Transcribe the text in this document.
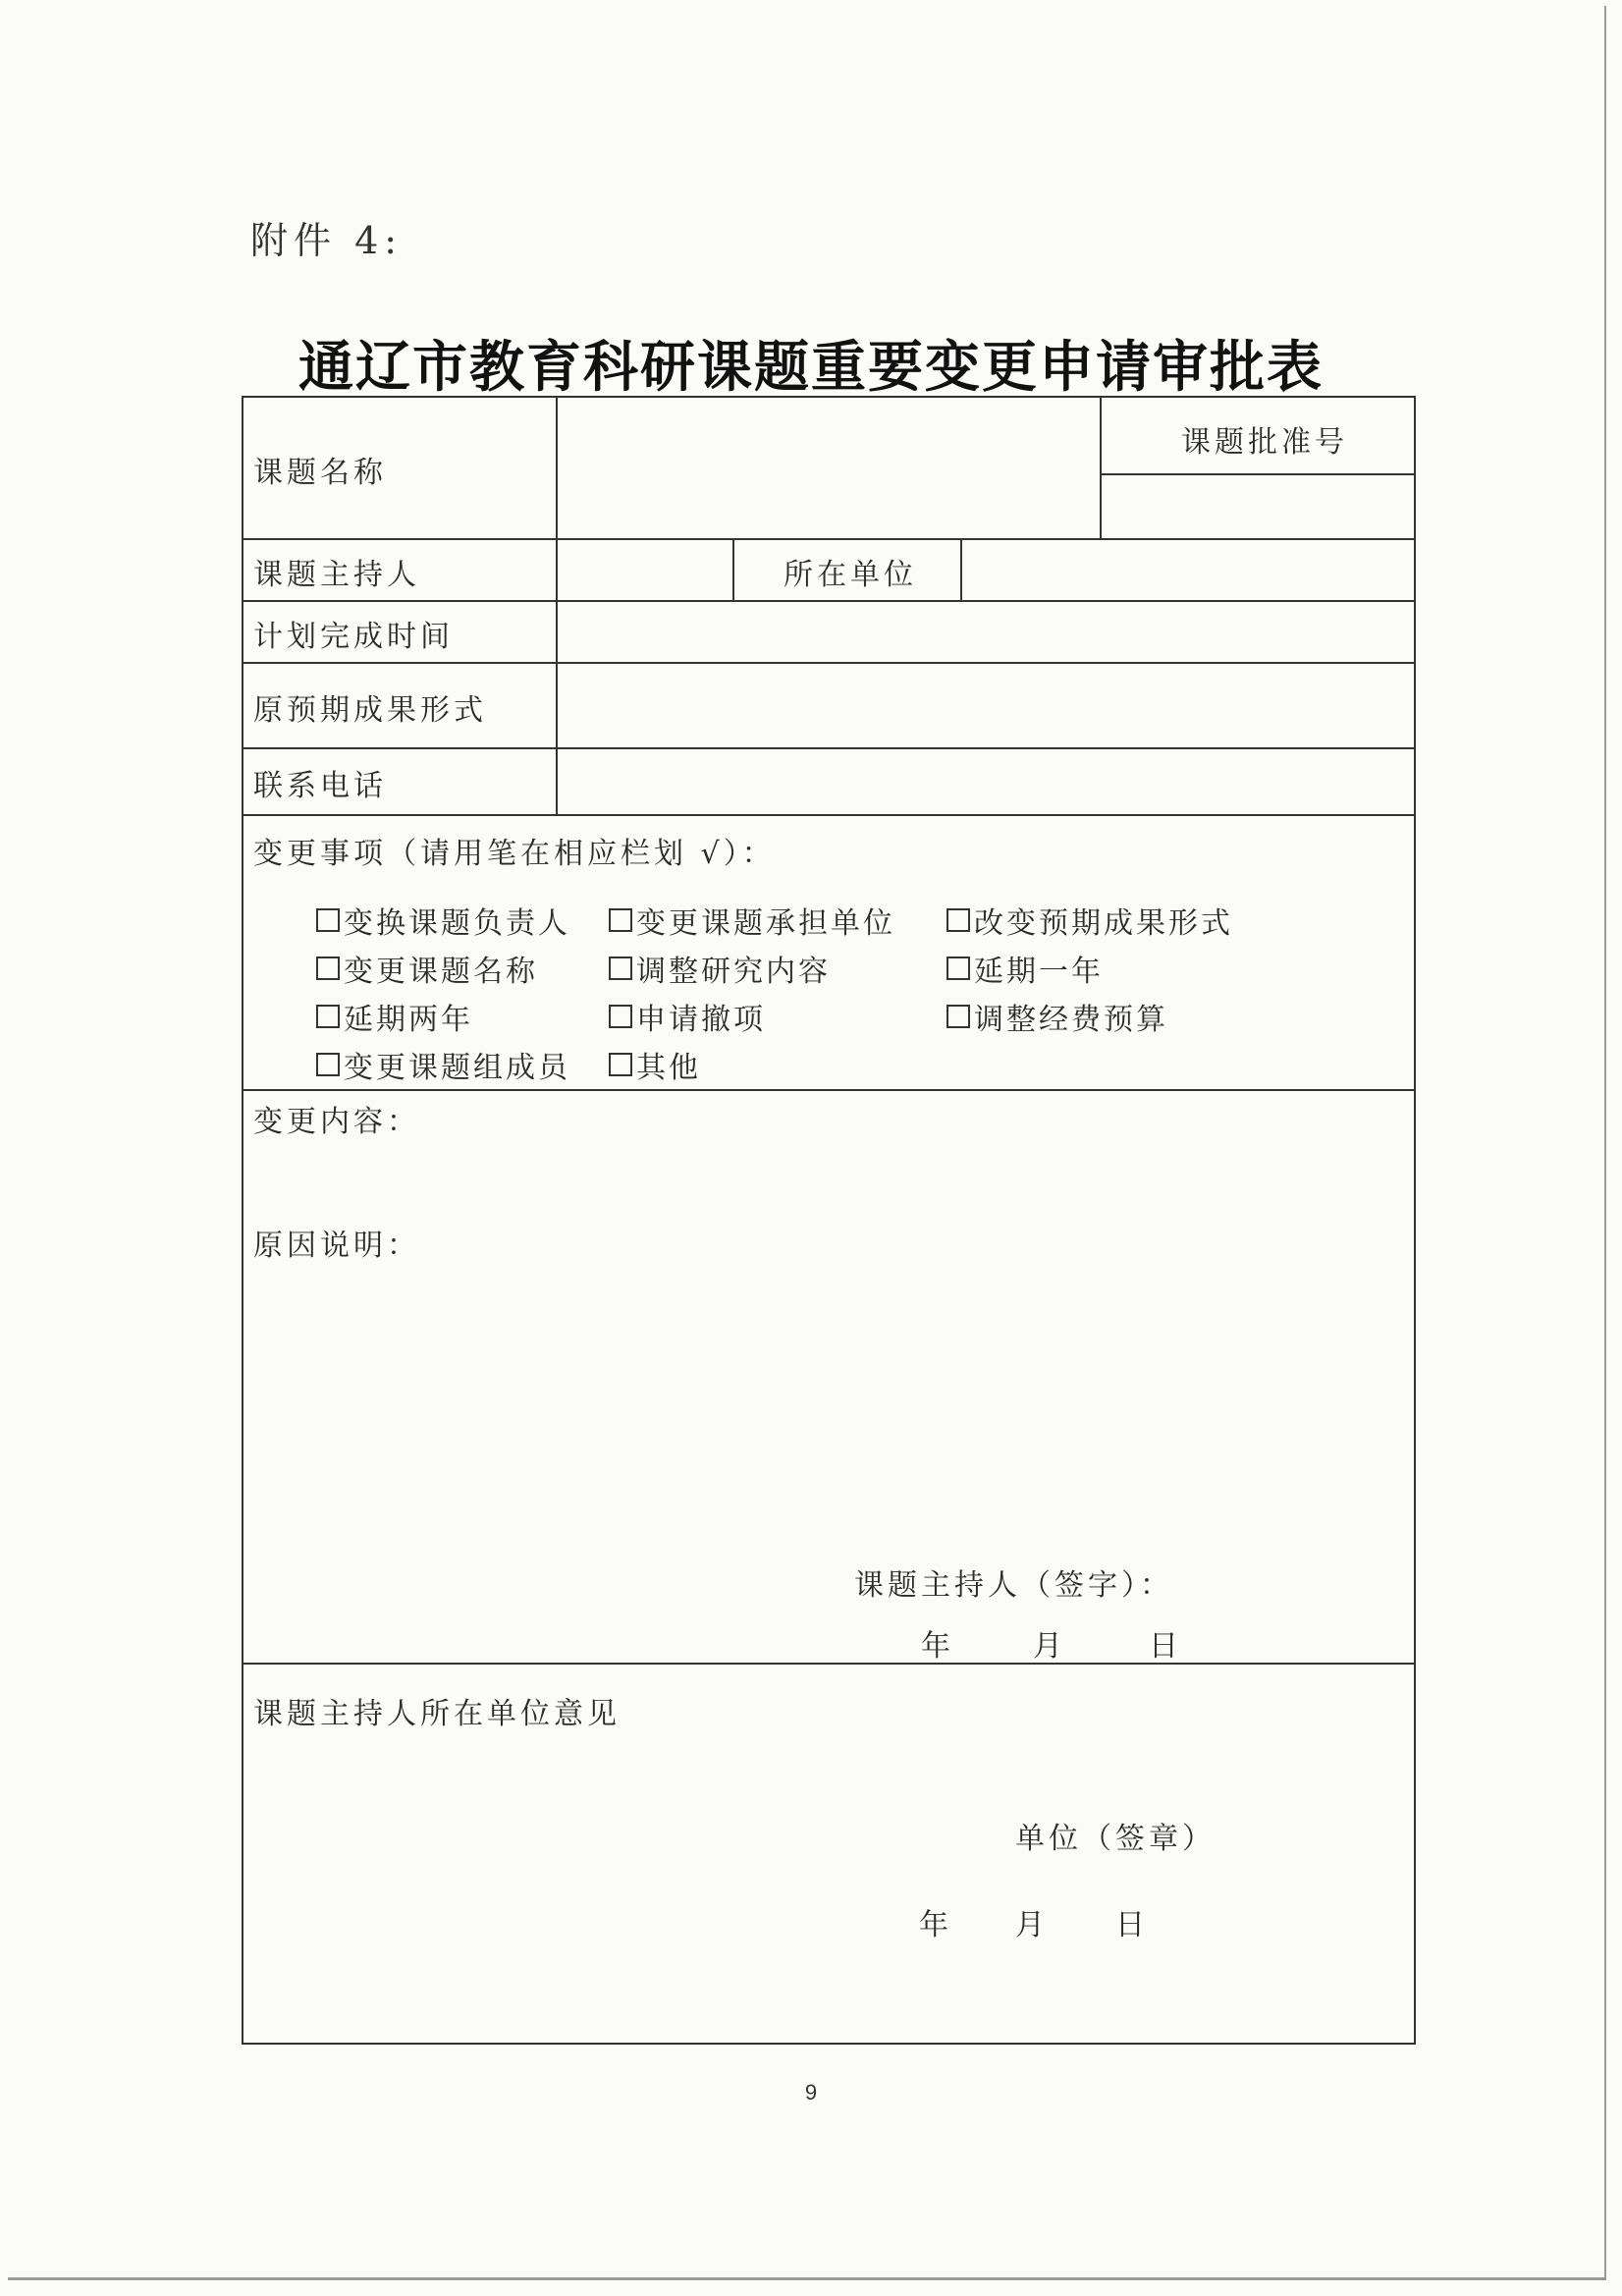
附件 4:
通辽市教育科研课题重要变更申请审批表
课题名称
课题批准号
课题主持人	所在单位
计划完成时间
原预期成果形式
联系电话
变更事项（请用笔在相应栏划 √）：
变换课题负责人 变更课题承担单位	改变预期成果形式
变更课题名称	调整研究内容	延期一年
延期两年	申请撤项	调整经费预算
变更课题组成员 其他
变更内容：
原因说明：
课题主持人（签字）：
年	月	日
课题主持人所在单位意见
单位（签章）
年 月 日
9
